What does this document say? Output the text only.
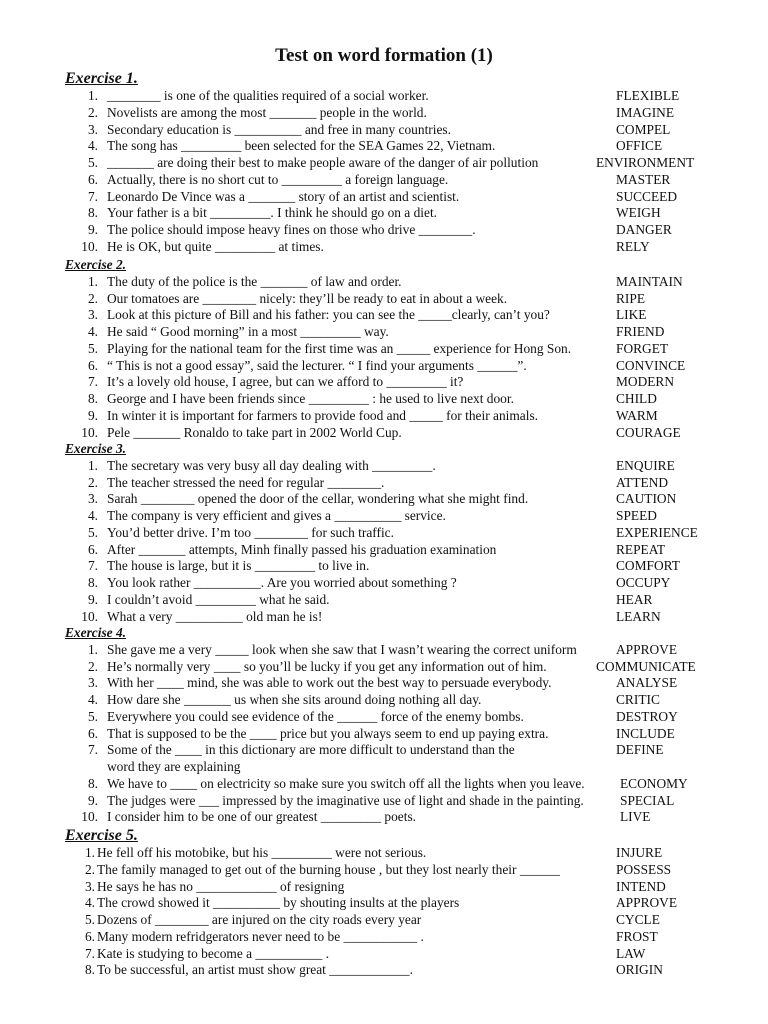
Test on word formation (1)
Exercise 1.
1. ________ is one of the qualities required of a social worker.	FLEXIBLE
2. Novelists are among the most _______ people in the world.	IMAGINE
3. Secondary education is __________ and free in many countries.	COMPEL
4. The song has _________ been selected for the SEA Games 22, Vietnam.	OFFICE
5. _______ are doing their best to make people aware of the danger of air pollution	ENVIRONMENT
6. Actually, there is no short cut to _________ a foreign language.	MASTER
7. Leonardo De Vince was a _______ story of an artist and scientist.	SUCCEED
8. Your father is a bit _________. I think he should go on a diet.	WEIGH
9. The police should impose heavy fines on those who drive ________.	DANGER
10. He is OK, but quite _________ at times.	RELY
Exercise 2.
1. The duty of the police is the _______ of law and order.	MAINTAIN
2. Our tomatoes are ________ nicely: they’ll be ready to eat in about a week.	RIPE
3. Look at this picture of Bill and his father: you can see the _____clearly, can’t you?	LIKE
4. He said “ Good morning” in a most _________ way.	FRIEND
5. Playing for the national team for the first time was an _____ experience for Hong Son.	FORGET
6. “ This is not a good essay”, said the lecturer. “ I find your arguments ______”.	CONVINCE
7. It’s a lovely old house, I agree, but can we afford to _________ it?	MODERN
8. George and I have been friends since _________ : he used to live next door.	CHILD
9. In winter it is important for farmers to provide food and _____ for their animals.	WARM
10. Pele _______ Ronaldo to take part in 2002 World Cup.	COURAGE
Exercise 3.
1. The secretary was very busy all day dealing with _________.	ENQUIRE
2. The teacher stressed the need for regular ________.	ATTEND
3. Sarah ________ opened the door of the cellar, wondering what she might find.	CAUTION
4. The company is very efficient and gives a __________ service.	SPEED
5. You’d better drive. I’m too ________ for such traffic.	EXPERIENCE
6. After _______ attempts, Minh finally passed his graduation examination	REPEAT
7. The house is large, but it is _________ to live in.	COMFORT
8. You look rather __________. Are you worried about something ?	OCCUPY
9. I couldn’t avoid _________ what he said.	HEAR
10. What a very __________ old man he is!	LEARN
Exercise 4.
1. She gave me a very _____ look when she saw that I wasn’t wearing the correct uniform	APPROVE
2. He’s normally very ____ so you’ll be lucky if you get any information out of him.	COMMUNICATE
3. With her ____ mind, she was able to work out the best way to persuade everybody.	ANALYSE
4. How dare she _______ us when she sits around doing nothing all day.	CRITIC
5. Everywhere you could see evidence of the ______ force of the enemy bombs.	DESTROY
6. That is supposed to be the ____ price but you always seem to end up paying extra.	INCLUDE
7. Some of the ____ in this dictionary are more difficult to understand than the	DEFINE
word they are explaining
8. We have to ____ on electricity so make sure you switch off all the lights when you leave.	ECONOMY
9. The judges were ___ impressed by the imaginative use of light and shade in the painting.	SPECIAL
10. I consider him to be one of our greatest _________ poets.	LIVE
Exercise 5.
1. He fell off his motobike, but his _________ were not serious.	INJURE
2. The family managed to get out of the burning house , but they lost nearly their ______	POSSESS
3. He says he has no ____________ of resigning	INTEND
4. The crowd showed it __________ by shouting insults at the players	APPROVE
5. Dozens of ________ are injured on the city roads every year	CYCLE
6. Many modern refridgerators never need to be ___________ .	FROST
7. Kate is studying to become a __________ .	LAW
8. To be successful, an artist must show great ____________.	ORIGIN
